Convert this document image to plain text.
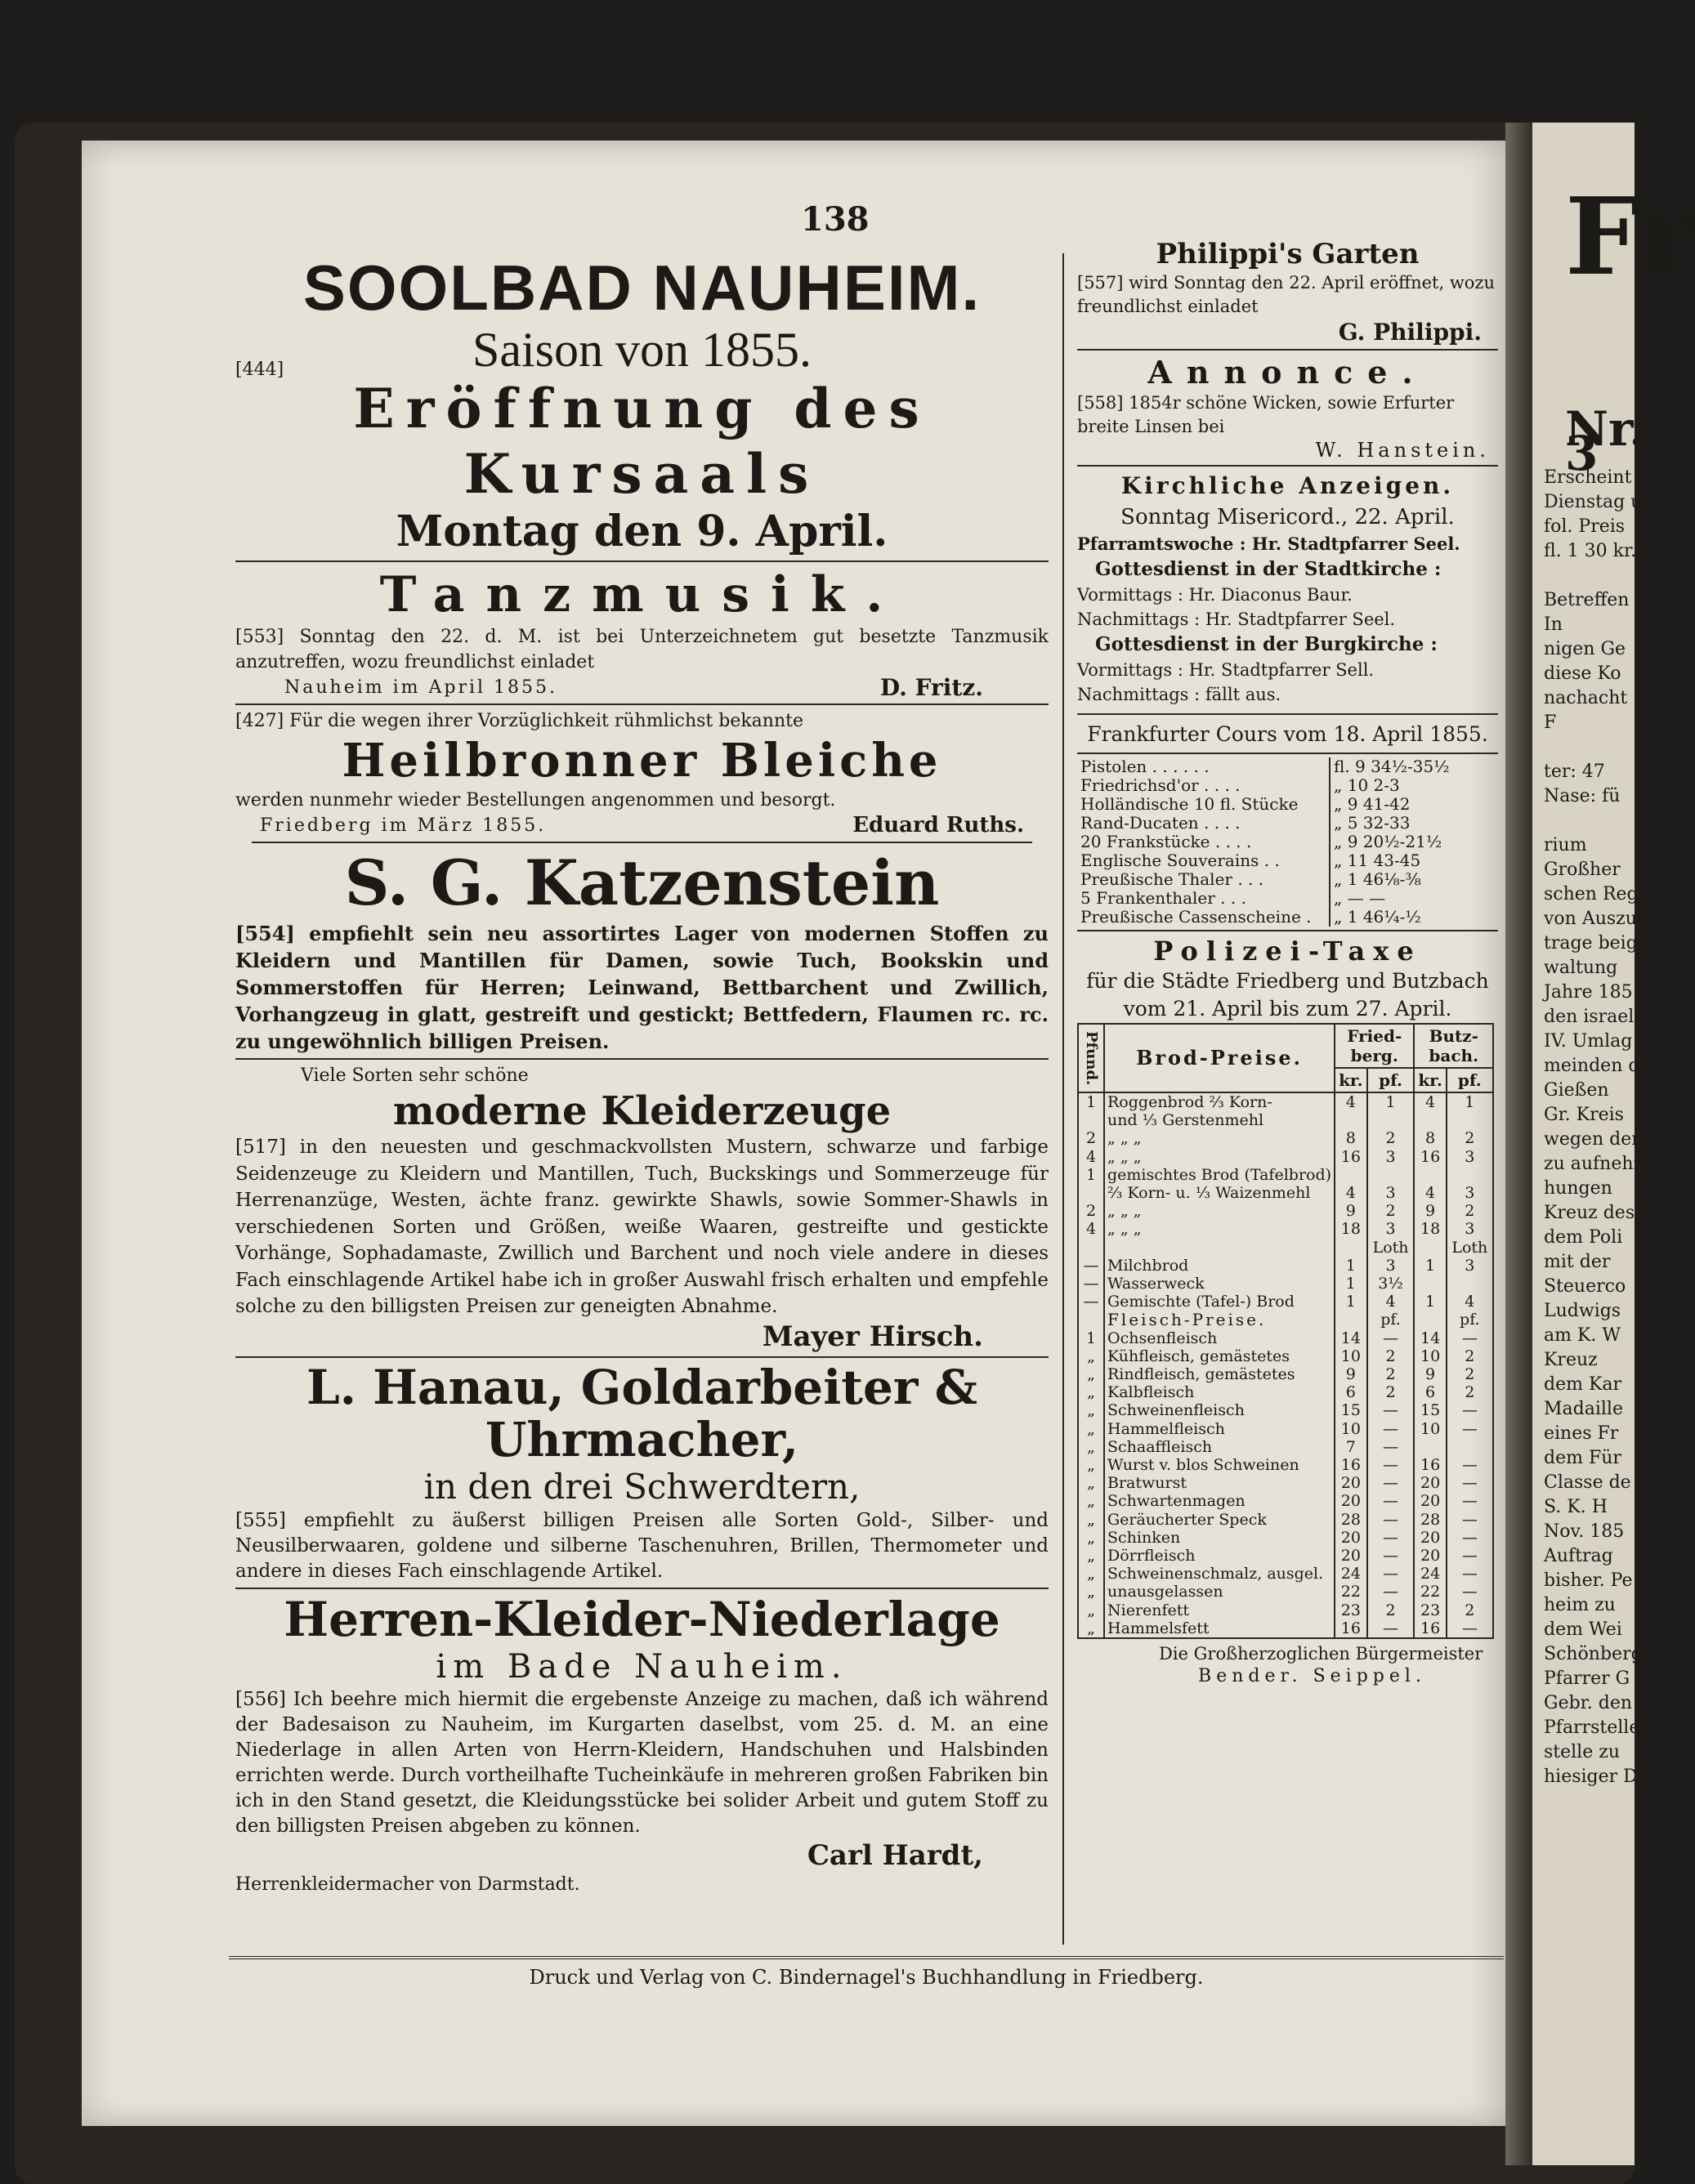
Fr
Nr. 3
Erscheint wö-
Dienstag u. F
fol. Preis
fl. 1 30 kr.
Betreffen
In
nigen Ge
diese Ko
nachacht
F
ter: 47
Nase: fü
rium
Großher
schen Reg
von Auszu
trage beige
waltung
Jahre 185
den israel
IV. Umlag
meinden d
Gießen
Gr. Kreis
wegen der
zu aufnehme
hungen
Kreuz des
dem Poli
mit der
Steuerco
Ludwigs
am K. W
Kreuz
dem Kar
Madaille
eines Fr
dem Für
Classe de
S. K. H
Nov. 185
Auftrag
bisher. Pe
heim zu
dem Wei
Schönberg
Pfarrer G
Gebr. den
Pfarrstelle
stelle zu
hiesiger Dr.
138
SOOLBAD NAUHEIM.
Saison von 1855.
[444]
Eröffnung des Kursaals
Montag den 9. April.
Tanzmusik.

[553] Sonntag den 22. d. M. ist bei Unterzeichnetem gut besetzte Tanzmusik anzutreffen, wozu freundlichst einladet

Nauheim im April 1855.	D. Fritz.

[427] Für die wegen ihrer Vorzüglichkeit rühmlichst bekannte

Heilbronner Bleiche

werden nunmehr wieder Bestellungen angenommen und besorgt.

Friedberg im März 1855.	Eduard Ruths.
S. G. Katzenstein

[554] empfiehlt sein neu assortirtes Lager von modernen Stoffen zu Kleidern und Mantillen für Damen, sowie Tuch, Bookskin und Sommerstoffen für Herren; Leinwand, Bettbarchent und Zwillich, Vorhangzeug in glatt, gestreift und gestickt; Bettfedern, Flaumen rc. rc. zu ungewöhnlich billigen Preisen.

Viele Sorten sehr schöne
moderne Kleiderzeuge

[517] in den neuesten und geschmackvollsten Mustern, schwarze und farbige Seidenzeuge zu Kleidern und Mantillen, Tuch, Buckskings und Sommerzeuge für Herrenanzüge, Westen, ächte franz. gewirkte Shawls, sowie Sommer-Shawls in verschiedenen Sorten und Größen, weiße Waaren, gestreifte und gestickte Vorhänge, Sophadamaste, Zwillich und Barchent und noch viele andere in dieses Fach einschlagende Artikel habe ich in großer Auswahl frisch erhalten und empfehle solche zu den billigsten Preisen zur geneigten Abnahme.

Mayer Hirsch.
L. Hanau, Goldarbeiter & Uhrmacher,
in den drei Schwerdtern,

[555] empfiehlt zu äußerst billigen Preisen alle Sorten Gold-, Silber- und Neusilberwaaren, goldene und silberne Taschenuhren, Brillen, Thermometer und andere in dieses Fach einschlagende Artikel.

Herren-Kleider-Niederlage
im Bade Nauheim.

[556] Ich beehre mich hiermit die ergebenste Anzeige zu machen, daß ich während der Badesaison zu Nauheim, im Kurgarten daselbst, vom 25. d. M. an eine Niederlage in allen Arten von Herrn-Kleidern, Handschuhen und Halsbinden errichten werde. Durch vortheilhafte Tucheinkäufe in mehreren großen Fabriken bin ich in den Stand gesetzt, die Kleidungsstücke bei solider Arbeit und gutem Stoff zu den billigsten Preisen abgeben zu können.

Carl Hardt,
Herrenkleidermacher von Darmstadt.
Philippi's Garten

[557] wird Sonntag den 22. April eröffnet, wozu freundlichst einladet

G. Philippi.
Annonce.

[558] 1854r schöne Wicken, sowie Erfurter breite Linsen bei

W. Hanstein.
Kirchliche Anzeigen.
Sonntag Misericord., 22. April.
Pfarramtswoche : Hr. Stadtpfarrer Seel.
Gottesdienst in der Stadtkirche :
Vormittags : Hr. Diaconus Baur.
Nachmittags : Hr. Stadtpfarrer Seel.
Gottesdienst in der Burgkirche :
Vormittags : Hr. Stadtpfarrer Sell.
Nachmittags : fällt aus.
Frankfurter Cours vom 18. April 1855.
Pistolen . . . . . .	fl. 9 34½-35½
Friedrichsd'or . . . .	„ 10 2-3
Holländische 10 fl. Stücke	„ 9 41-42
Rand-Ducaten . . . .	„ 5 32-33
20 Frankstücke . . . .	„ 9 20½-21½
Englische Souverains . .	„ 11 43-45
Preußische Thaler . . .	„ 1 46⅛-⅜
5 Frankenthaler . . .	„ — —
Preußische Cassenscheine .	„ 1 46¼-½
Polizei-Taxe
für die Städte Friedberg und Butzbach
vom 21. April bis zum 27. April.
Pfund.	Brod-Preise.	Fried-berg.		Butz-bach.	
		kr.	pf.	kr.	pf.
1	Roggenbrod ⅔ Korn-	4	1	4	1
	und ⅓ Gerstenmehl				
2	„ „ „	8	2	8	2
4	„ „ „	16	3	16	3
1	gemischtes Brod (Tafelbrod)				
	⅔ Korn- u. ⅓ Waizenmehl	4	3	4	3
2	„ „ „	9	2	9	2
4	„ „ „	18	3	18	3
			Loth		Loth
—	Milchbrod	1	3	1	3
—	Wasserweck	1	3½		
—	Gemischte (Tafel-) Brod	1	4	1	4
	Fleisch-Preise.		pf.		pf.
1	Ochsenfleisch	14	—	14	—
„	Kühfleisch, gemästetes	10	2	10	2
„	Rindfleisch, gemästetes	9	2	9	2
„	Kalbfleisch	6	2	6	2
„	Schweinenfleisch	15	—	15	—
„	Hammelfleisch	10	—	10	—
„	Schaaffleisch	7	—		
„	Wurst v. blos Schweinen	16	—	16	—
„	Bratwurst	20	—	20	—
„	Schwartenmagen	20	—	20	—
„	Geräucherter Speck	28	—	28	—
„	Schinken	20	—	20	—
„	Dörrfleisch	20	—	20	—
„	Schweinenschmalz, ausgel.	24	—	24	—
„	unausgelassen	22	—	22	—
„	Nierenfett	23	2	23	2
„	Hammelsfett	16	—	16	—
Die Großherzoglichen Bürgermeister
Bender. Seippel.
Druck und Verlag von C. Bindernagel's Buchhandlung in Friedberg.
